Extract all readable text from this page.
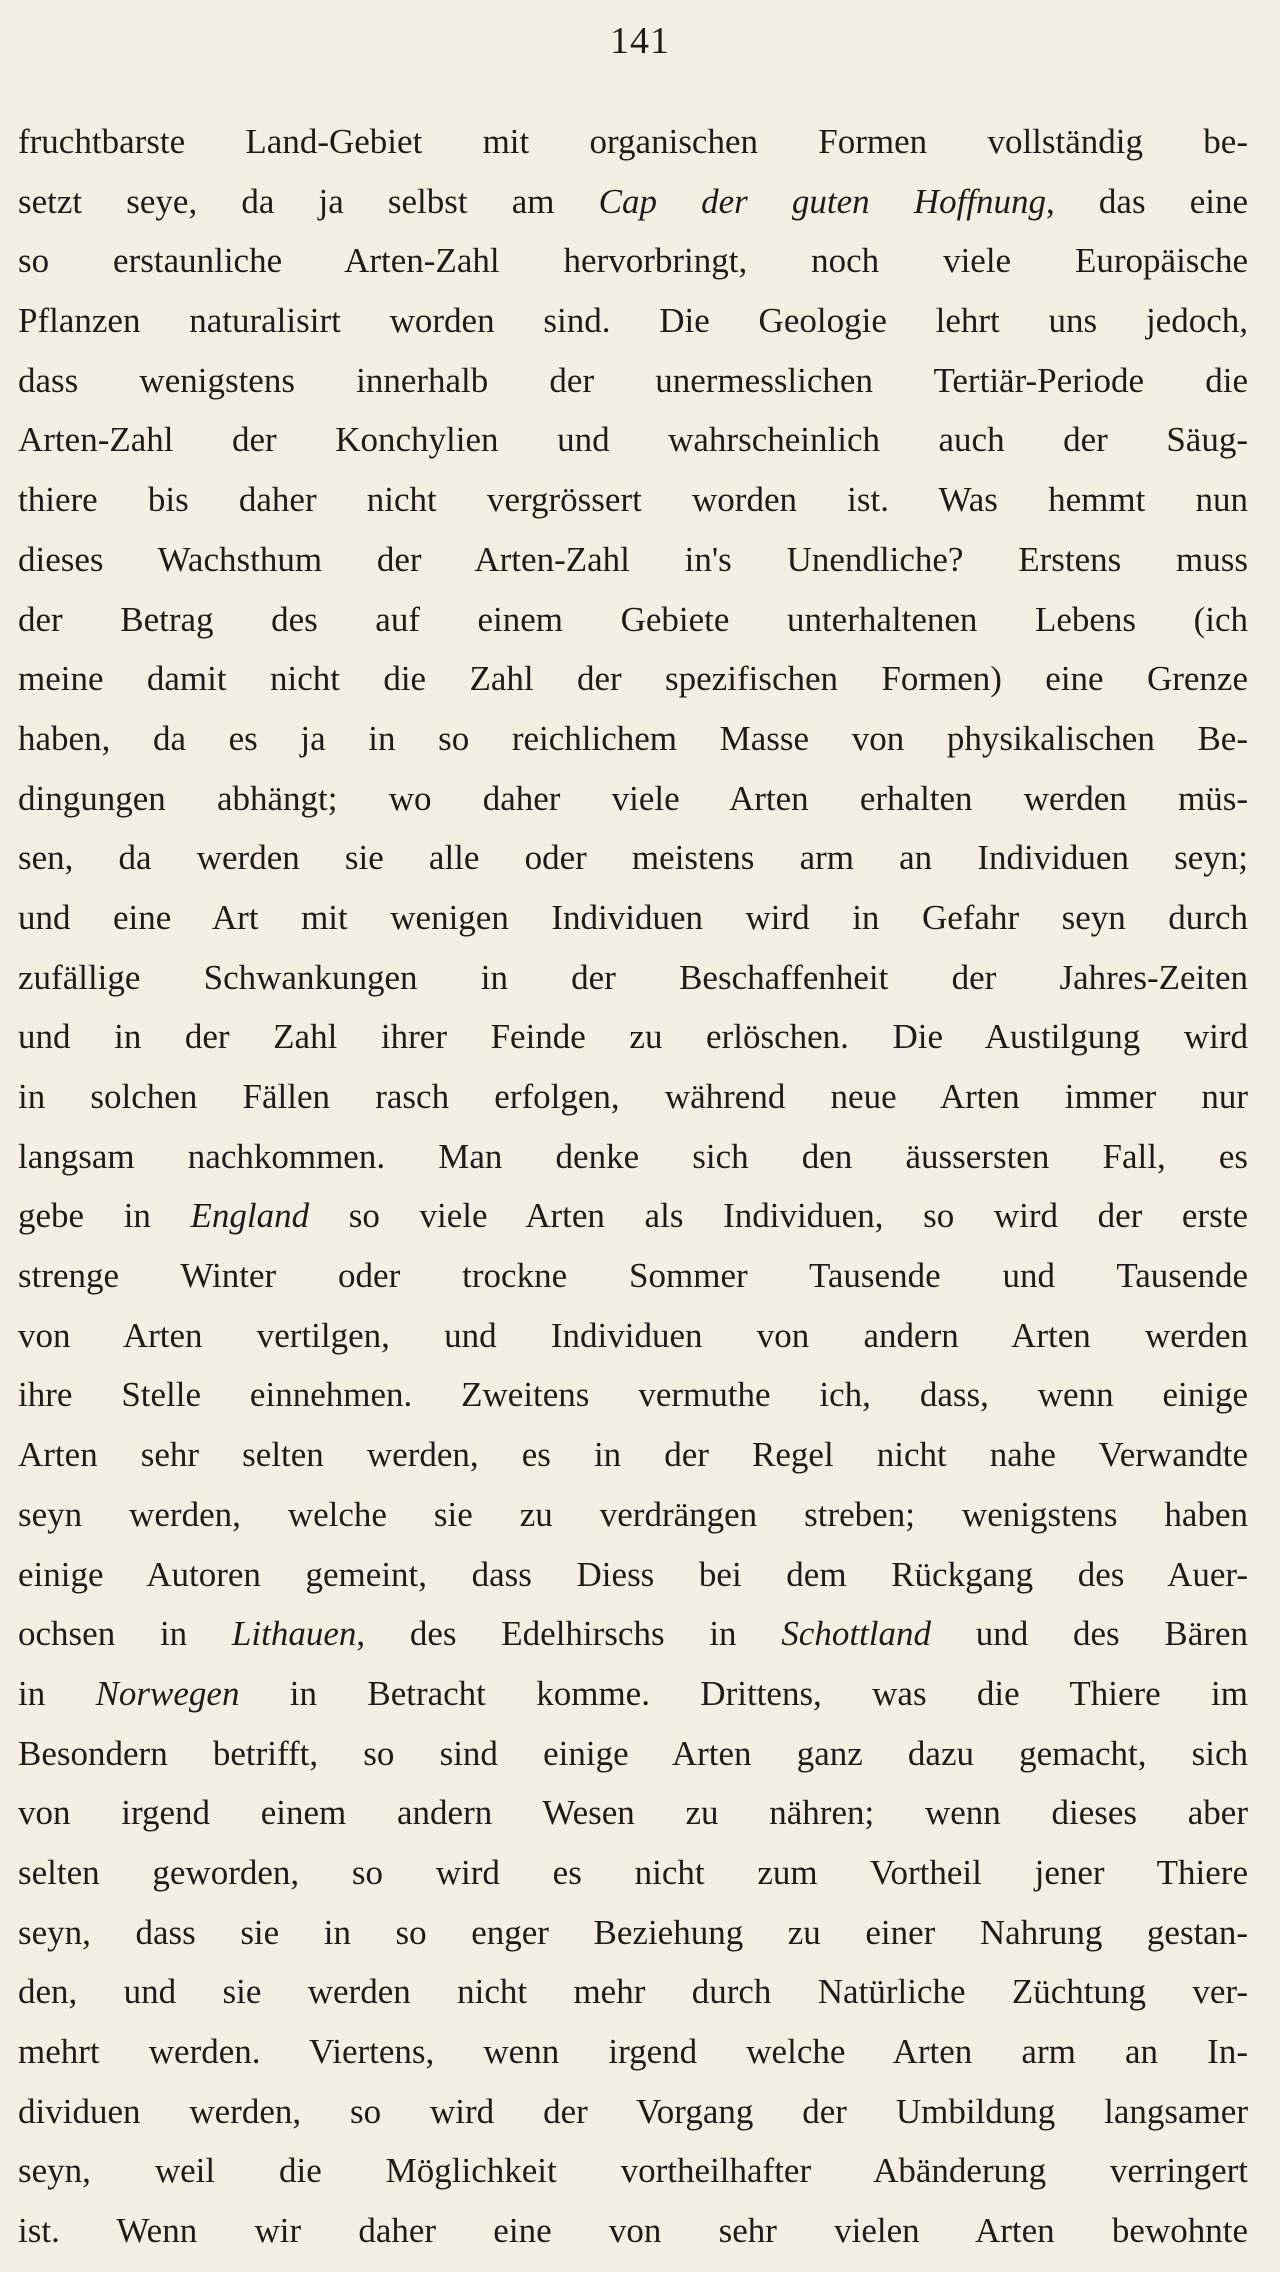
141
fruchtbarste Land-Gebiet mit organischen Formen vollständig be-
setzt seye, da ja selbst am Cap der guten Hoffnung, das eine
so erstaunliche Arten-Zahl hervorbringt, noch viele Europäische
Pflanzen naturalisirt worden sind. Die Geologie lehrt uns jedoch,
dass wenigstens innerhalb der unermesslichen Tertiär-Periode die
Arten-Zahl der Konchylien und wahrscheinlich auch der Säug-
thiere bis daher nicht vergrössert worden ist. Was hemmt nun
dieses Wachsthum der Arten-Zahl in's Unendliche? Erstens muss
der Betrag des auf einem Gebiete unterhaltenen Lebens (ich
meine damit nicht die Zahl der spezifischen Formen) eine Grenze
haben, da es ja in so reichlichem Masse von physikalischen Be-
dingungen abhängt; wo daher viele Arten erhalten werden müs-
sen, da werden sie alle oder meistens arm an Individuen seyn;
und eine Art mit wenigen Individuen wird in Gefahr seyn durch
zufällige Schwankungen in der Beschaffenheit der Jahres-Zeiten
und in der Zahl ihrer Feinde zu erlöschen. Die Austilgung wird
in solchen Fällen rasch erfolgen, während neue Arten immer nur
langsam nachkommen. Man denke sich den äussersten Fall, es
gebe in England so viele Arten als Individuen, so wird der erste
strenge Winter oder trockne Sommer Tausende und Tausende
von Arten vertilgen, und Individuen von andern Arten werden
ihre Stelle einnehmen. Zweitens vermuthe ich, dass, wenn einige
Arten sehr selten werden, es in der Regel nicht nahe Verwandte
seyn werden, welche sie zu verdrängen streben; wenigstens haben
einige Autoren gemeint, dass Diess bei dem Rückgang des Auer-
ochsen in Lithauen, des Edelhirschs in Schottland und des Bären
in Norwegen in Betracht komme. Drittens, was die Thiere im
Besondern betrifft, so sind einige Arten ganz dazu gemacht, sich
von irgend einem andern Wesen zu nähren; wenn dieses aber
selten geworden, so wird es nicht zum Vortheil jener Thiere
seyn, dass sie in so enger Beziehung zu einer Nahrung gestan-
den, und sie werden nicht mehr durch Natürliche Züchtung ver-
mehrt werden. Viertens, wenn irgend welche Arten arm an In-
dividuen werden, so wird der Vorgang der Umbildung langsamer
seyn, weil die Möglichkeit vortheilhafter Abänderung verringert
ist. Wenn wir daher eine von sehr vielen Arten bewohnte
